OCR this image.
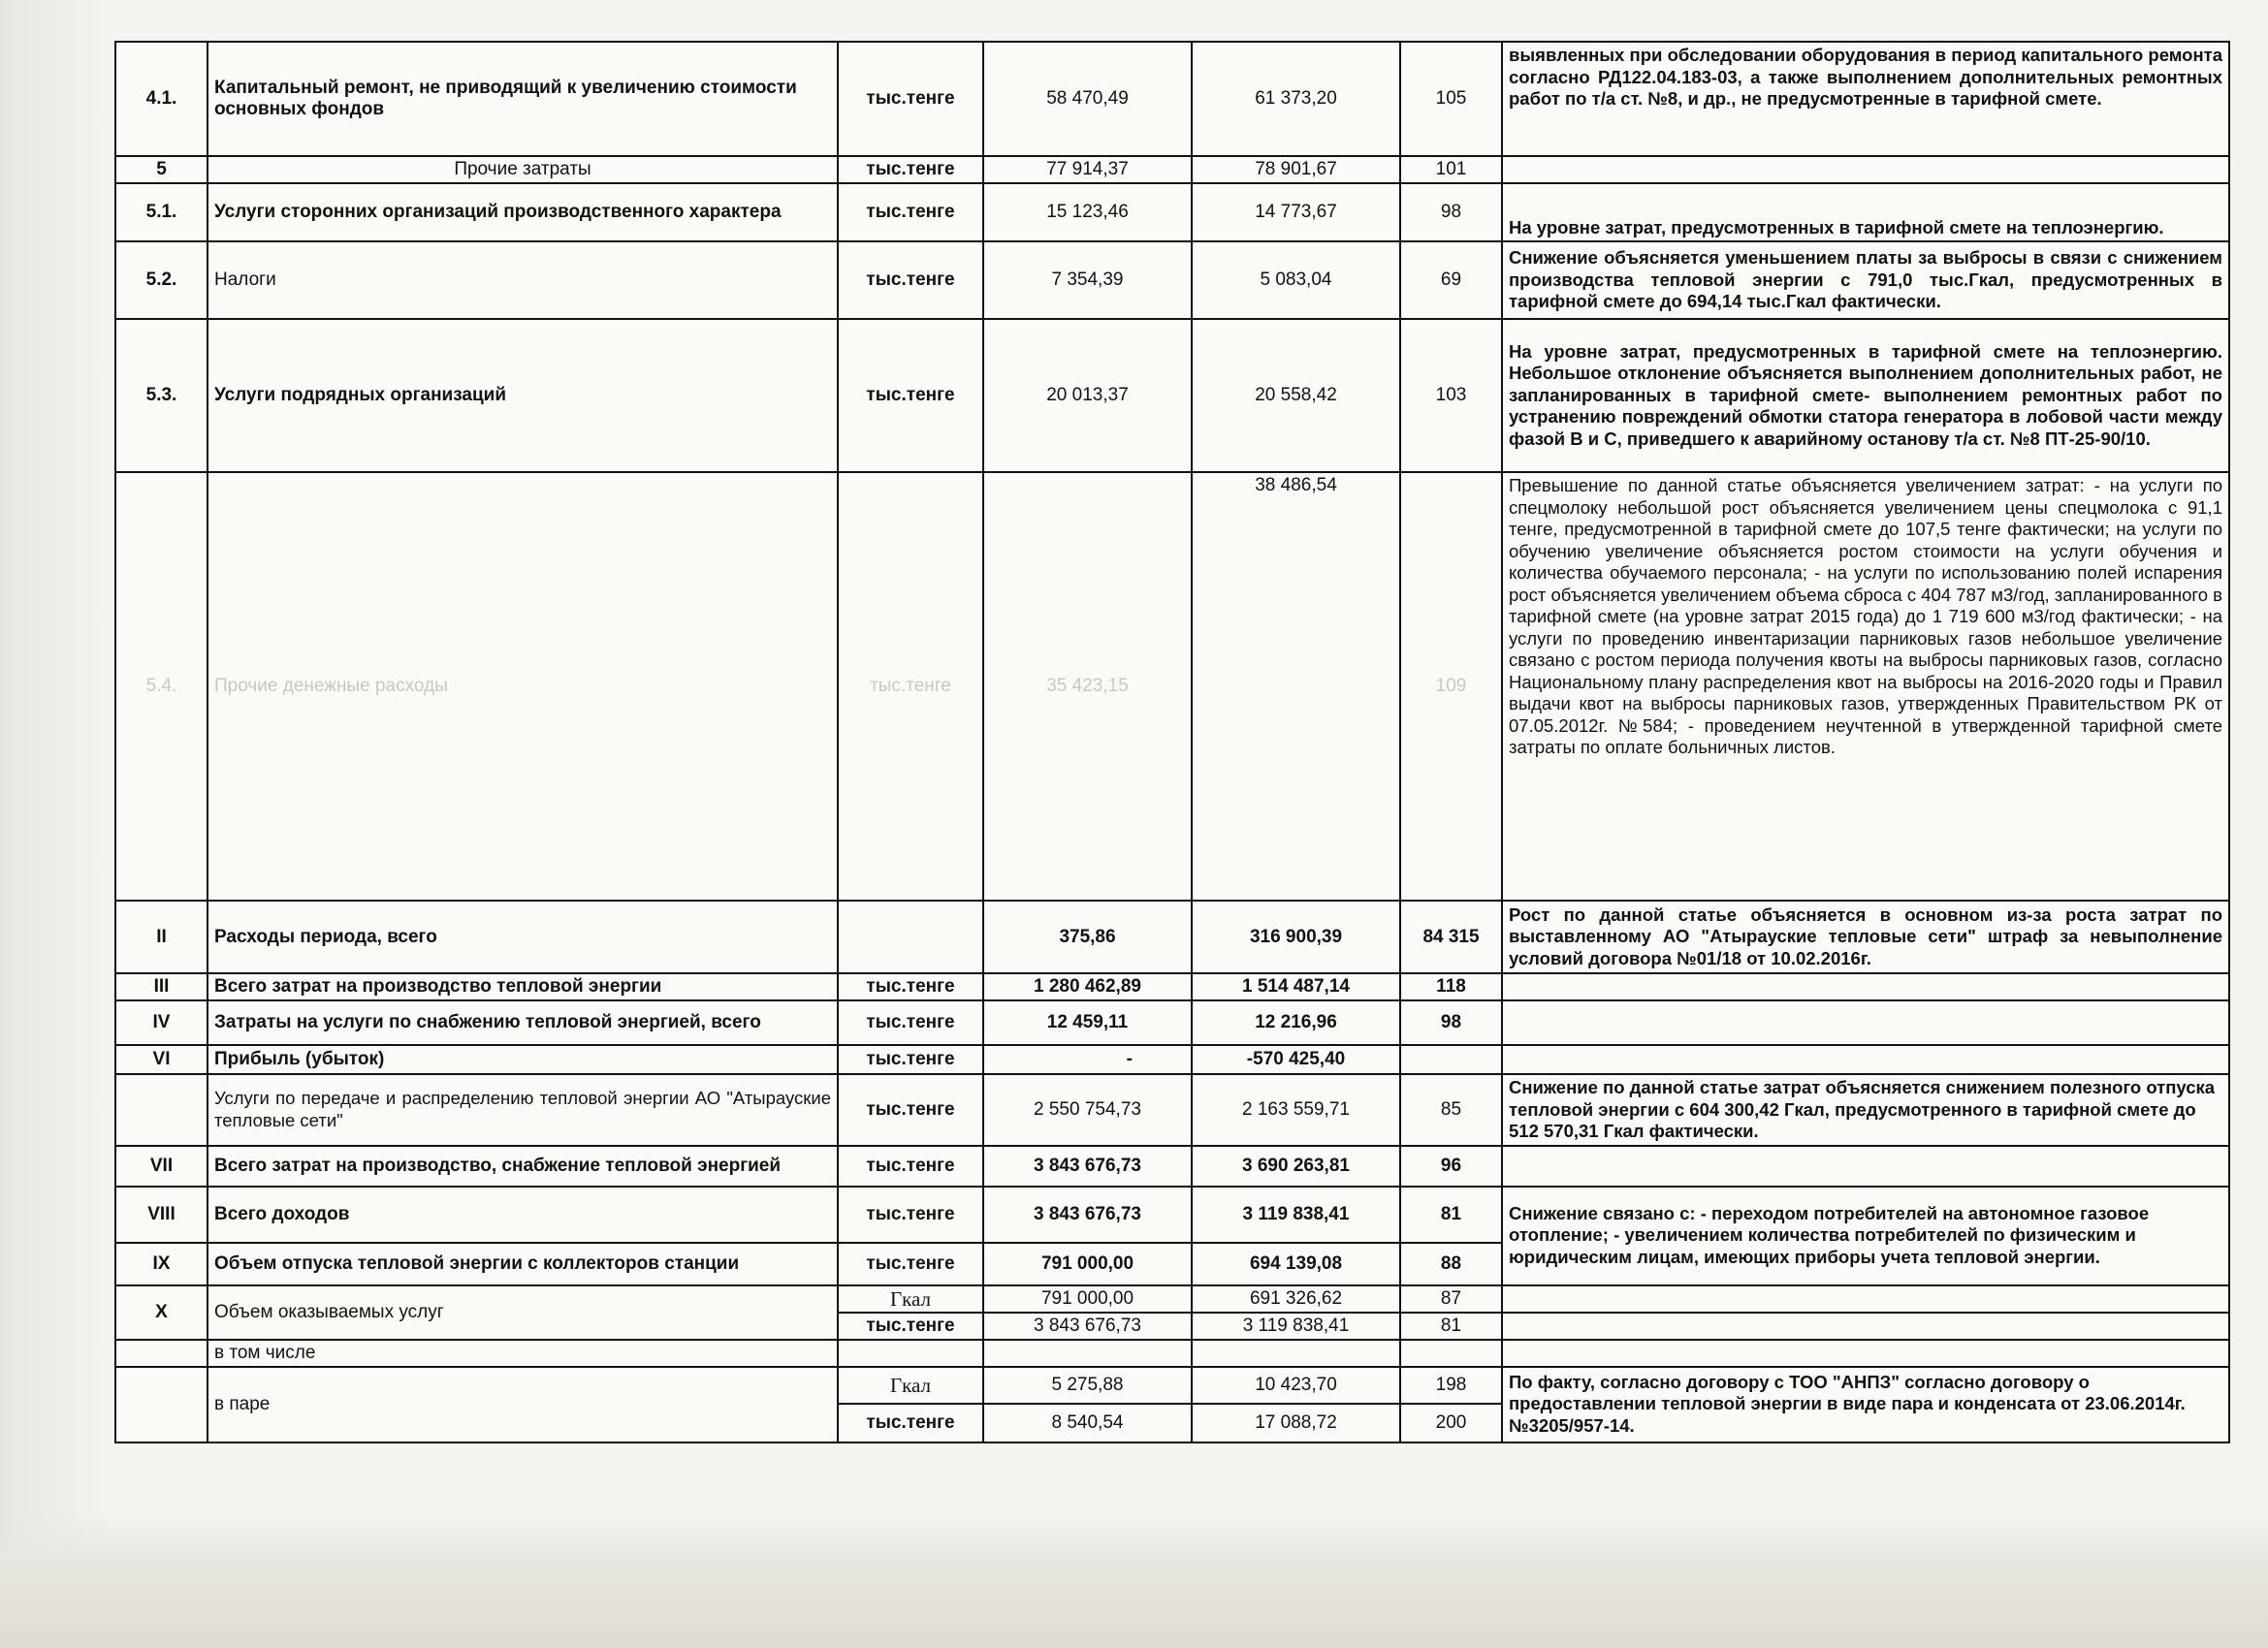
4.1.	Капитальный ремонт, не приводящий к увеличению стоимости основных фондов	тыс.тенге	58 470,49	61 373,20	105	выявленных при обследовании оборудования в период капитального ремонта согласно РД122.04.183-03, а также выполнением дополнительных ремонтных работ по т/а ст. №8, и др., не предусмотренные в тарифной смете.
5	Прочие затраты	тыс.тенге	77 914,37	78 901,67	101	
5.1.	Услуги сторонних организаций производственного характера	тыс.тенге	15 123,46	14 773,67	98	На уровне затрат, предусмотренных в тарифной смете на теплоэнергию.
5.2.	Налоги	тыс.тенге	7 354,39	5 083,04	69	Снижение объясняется уменьшением платы за выбросы в связи с снижением производства тепловой энергии с 791,0 тыс.Гкал, предусмотренных в тарифной смете до 694,14 тыс.Гкал фактически.
5.3.	Услуги подрядных организаций	тыс.тенге	20 013,37	20 558,42	103	На уровне затрат, предусмотренных в тарифной смете на теплоэнергию. Небольшое отклонение объясняется выполнением дополнительных работ, не запланированных в тарифной смете- выполнением ремонтных работ по устранению повреждений обмотки статора генератора в лобовой части между фазой В и С, приведшего к аварийному останову т/а ст. №8 ПТ-25-90/10.
5.4.	Прочие денежные расходы	тыс.тенге	35 423,15	38 486,54	109	Превышение по данной статье объясняется увеличением затрат: - на услуги по спецмолоку небольшой рост объясняется увеличением цены спецмолока с 91,1 тенге, предусмотренной в тарифной смете до 107,5 тенге фактически; на услуги по обучению увеличение объясняется ростом стоимости на услуги обучения и количества обучаемого персонала; - на услуги по использованию полей испарения рост объясняется увеличением объема сброса с 404 787 м3/год, запланированного в тарифной смете (на уровне затрат 2015 года) до 1 719 600 м3/год фактически; - на услуги по проведению инвентаризации парниковых газов небольшое увеличение связано с ростом периода получения квоты на выбросы парниковых газов, согласно Национальному плану распределения квот на выбросы на 2016-2020 годы и Правил выдачи квот на выбросы парниковых газов, утвержденных Правительством РК от 07.05.2012г. №584; - проведением неучтенной в утвержденной тарифной смете затраты по оплате больничных листов.
II	Расходы периода, всего		375,86	316 900,39	84 315	Рост по данной статье объясняется в основном из-за роста затрат по выставленному АО "Атырауские тепловые сети" штраф за невыполнение условий договора №01/18 от 10.02.2016г.
III	Всего затрат на производство тепловой энергии	тыс.тенге	1 280 462,89	1 514 487,14	118	
IV	Затраты на услуги по снабжению тепловой энергией, всего	тыс.тенге	12 459,11	12 216,96	98	
VI	Прибыль (убыток)	тыс.тенге	-	-570 425,40		
	Услуги по передаче и распределению тепловой энергии АО "Атырауские тепловые сети"	тыс.тенге	2 550 754,73	2 163 559,71	85	Снижение по данной статье затрат объясняется снижением полезного отпуска тепловой энергии с 604 300,42 Гкал, предусмотренного в тарифной смете до 512 570,31 Гкал фактически.
VII	Всего затрат на производство, снабжение тепловой энергией	тыс.тенге	3 843 676,73	3 690 263,81	96	
VIII	Всего доходов	тыс.тенге	3 843 676,73	3 119 838,41	81	Снижение связано с: - переходом потребителей на автономное газовое отопление; - увеличением количества потребителей по физическим и юридическим лицам, имеющих приборы учета тепловой энергии.
IX	Объем отпуска тепловой энергии с коллекторов станции	тыс.тенге	791 000,00	694 139,08	88	
X	Объем оказываемых услуг	Гкал	791 000,00	691 326,62	87	
		тыс.тенге	3 843 676,73	3 119 838,41	81	
	в том числе					
	в паре	Гкал	5 275,88	10 423,70	198	По факту, согласно договору с ТОО "АНПЗ" согласно договору о предоставлении тепловой энергии в виде пара и конденсата от 23.06.2014г. №3205/957-14.
		тыс.тенге	8 540,54	17 088,72	200	
